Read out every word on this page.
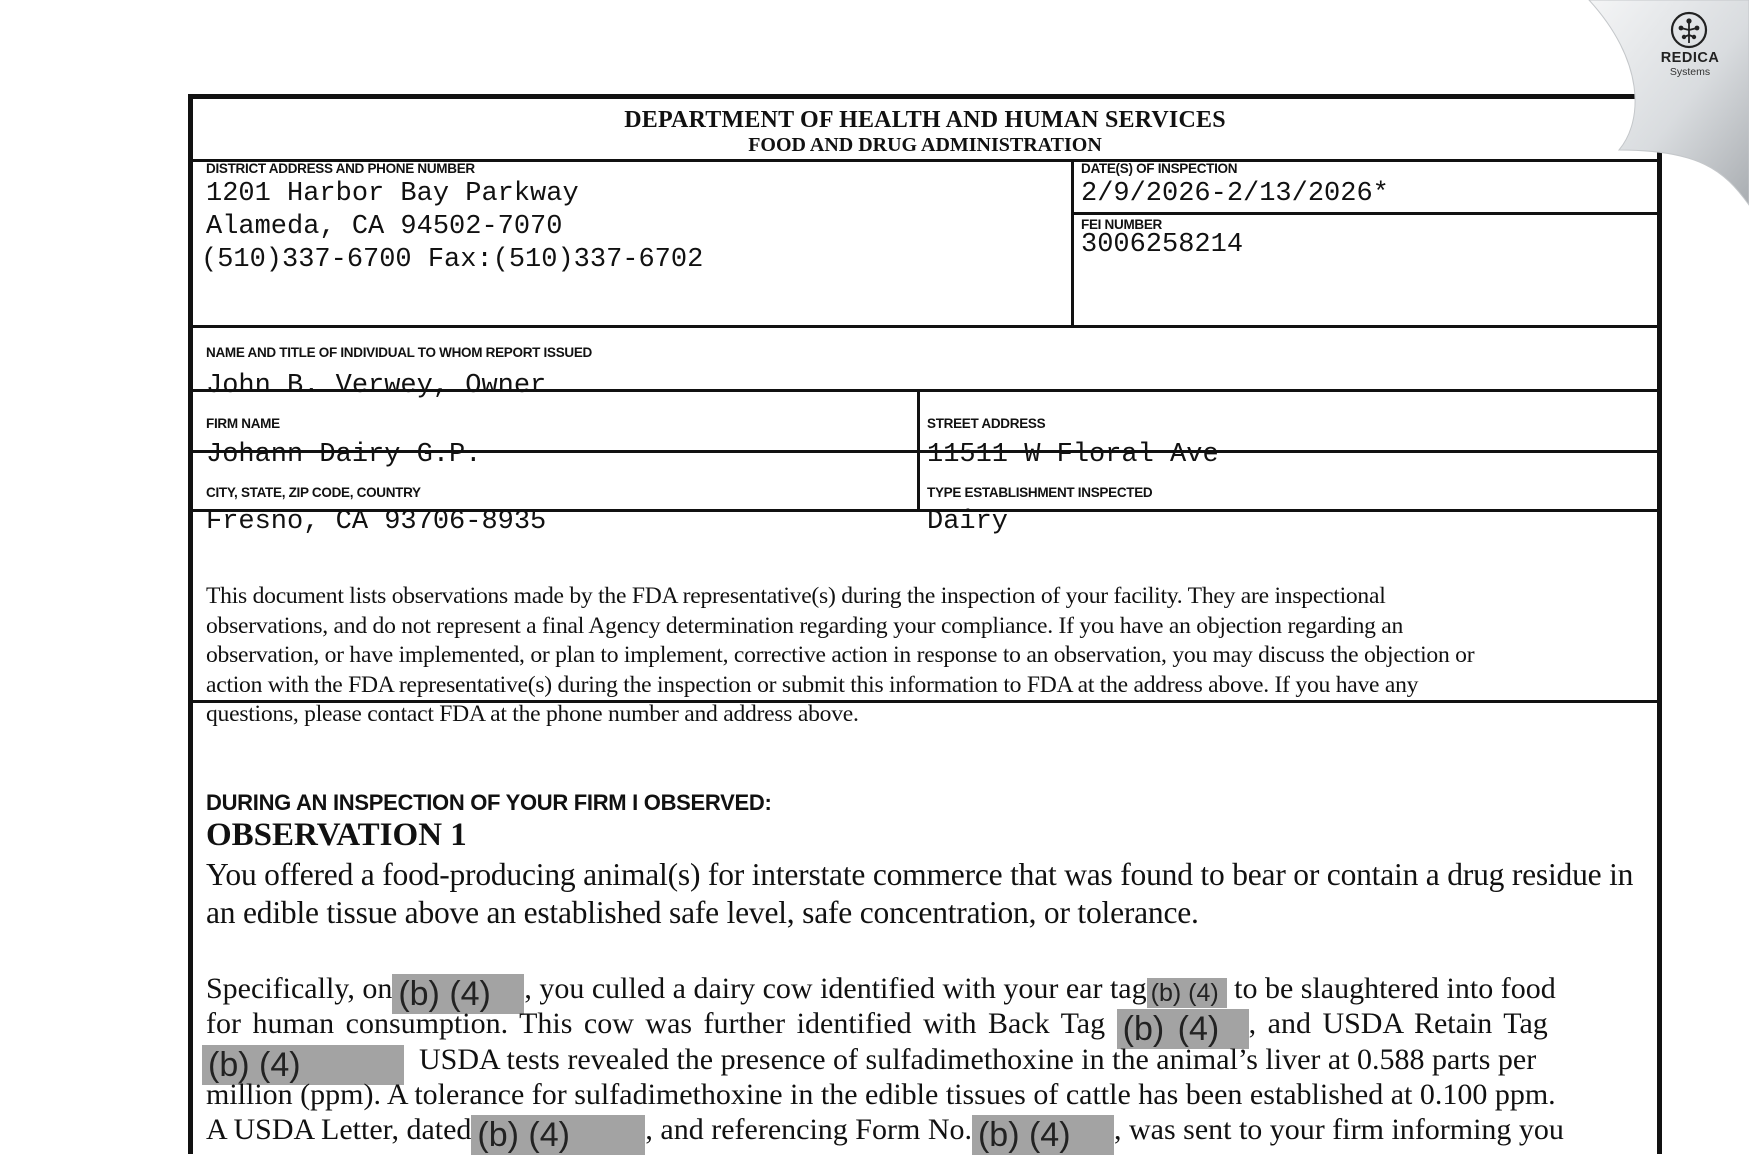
DEPARTMENT OF HEALTH AND HUMAN SERVICES
FOOD AND DRUG ADMINISTRATION
DISTRICT ADDRESS AND PHONE NUMBER
1201 Harbor Bay Parkway
Alameda, CA 94502-7070
(510)337-6700 Fax:(510)337-6702
DATE(S) OF INSPECTION
2/9/2026-2/13/2026*
FEI NUMBER
3006258214
NAME AND TITLE OF INDIVIDUAL TO WHOM REPORT ISSUED
John B. Verwey, Owner
FIRM NAME
Johann Dairy G.P.
STREET ADDRESS
11511 W Floral Ave
CITY, STATE, ZIP CODE, COUNTRY
Fresno, CA 93706-8935
TYPE ESTABLISHMENT INSPECTED
Dairy
This document lists observations made by the FDA representative(s) during the inspection of your facility. They are inspectional
observations, and do not represent a final Agency determination regarding your compliance. If you have an objection regarding an
observation, or have implemented, or plan to implement, corrective action in response to an observation, you may discuss the objection or
action with the FDA representative(s) during the inspection or submit this information to FDA at the address above. If you have any
questions, please contact FDA at the phone number and address above.
DURING AN INSPECTION OF YOUR FIRM I OBSERVED:
OBSERVATION 1
You offered a food-producing animal(s) for interstate commerce that was found to bear or contain a drug residue in an edible tissue above an established safe level, safe concentration, or tolerance.
Specifically, on (b) (4) , you culled a dairy cow identified with your ear tag (b) (4) to be slaughtered into food
for human consumption. This cow was further identified with Back Tag (b) (4) , and USDA Retain Tag
(b) (4)	USDA tests revealed the presence of sulfadimethoxine in the animal’s liver at 0.588 parts per
million (ppm). A tolerance for sulfadimethoxine in the edible tissues of cattle has been established at 0.100 ppm.
A USDA Letter, dated (b) (4)	, and referencing Form No. (b) (4) , was sent to your firm informing you
REDICA
Systems
